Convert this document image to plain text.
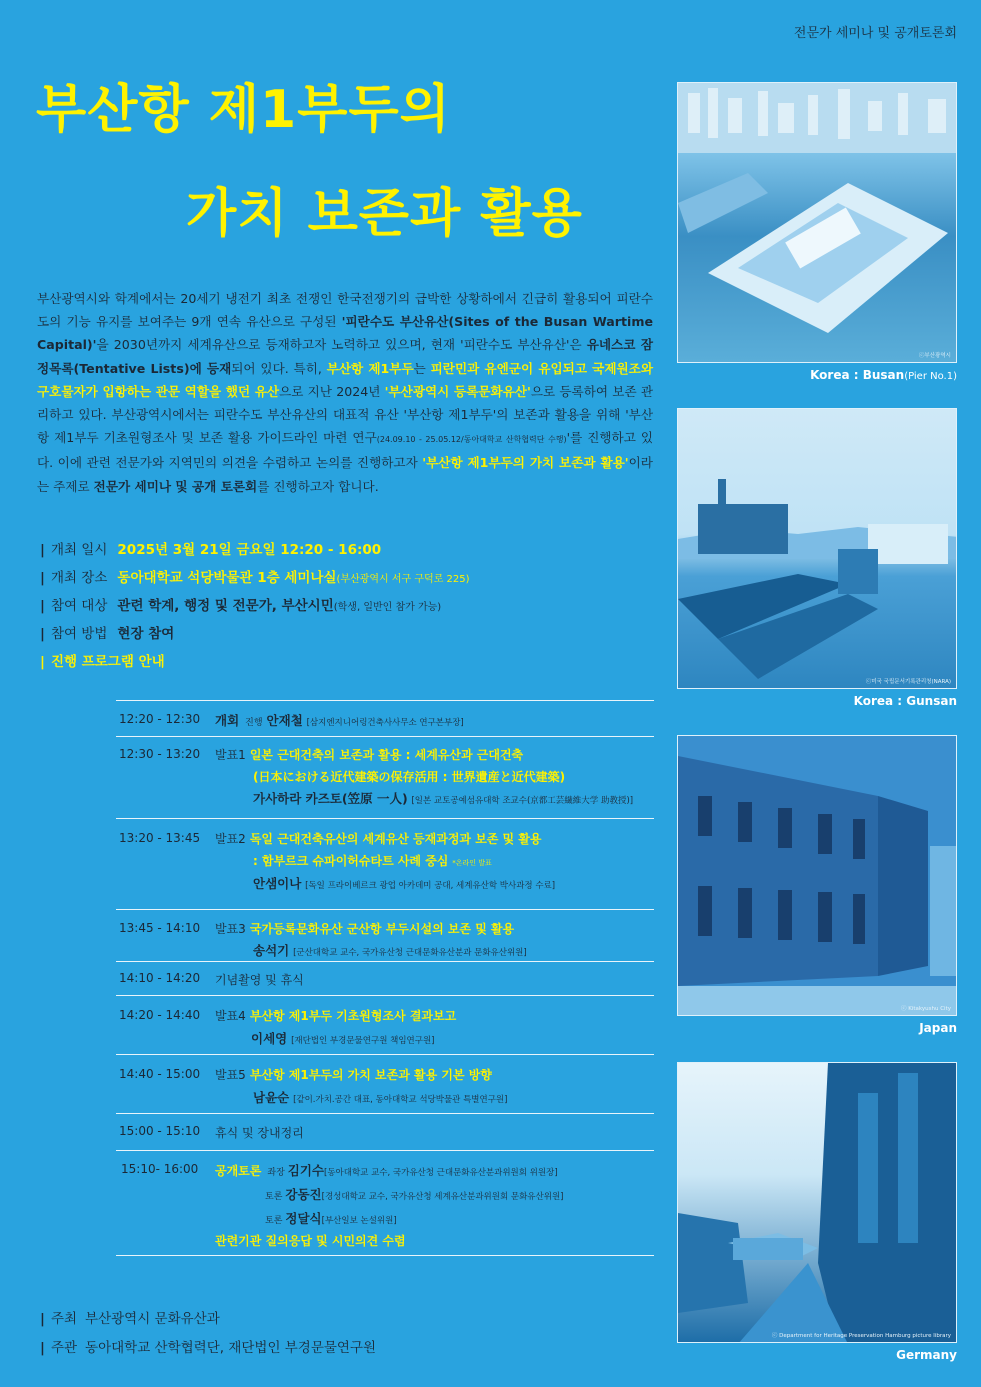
전문가 세미나 및 공개토론회
부산항 제1부두의
가치 보존과 활용
부산광역시와 학계에서는 20세기 냉전기 최초 전쟁인 한국전쟁기의 급박한 상황하에서 긴급히 활용되어 피란수도의 기능 유지를 보여주는 9개 연속 유산으로 구성된 '피란수도 부산유산(Sites of the Busan Wartime Capital)'을 2030년까지 세계유산으로 등재하고자 노력하고 있으며, 현재 '피란수도 부산유산'은 유네스코 잠정목록(Tentative Lists)에 등재되어 있다. 특히, 부산항 제1부두는 피란민과 유엔군이 유입되고 국제원조와 구호물자가 입항하는 관문 역할을 했던 유산으로 지난 2024년 '부산광역시 등록문화유산'으로 등록하여 보존 관리하고 있다. 부산광역시에서는 피란수도 부산유산의 대표적 유산 '부산항 제1부두'의 보존과 활용을 위해 '부산항 제1부두 기초원형조사 및 보존 활용 가이드라인 마련 연구(24.09.10 - 25.05.12/동아대학교 산학협력단 수행)'를 진행하고 있다. 이에 관련 전문가와 지역민의 의견을 수렴하고 논의를 진행하고자 '부산항 제1부두의 가치 보존과 활용'이라는 주제로 전문가 세미나 및 공개 토론회를 진행하고자 합니다.
| 개최 일시 2025년 3월 21일 금요일 12:20 - 16:00
| 개최 장소 동아대학교 석당박물관 1층 세미나실(부산광역시 서구 구덕로 225)
| 참여 대상 관련 학계, 행정 및 전문가, 부산시민(학생, 일반인 참가 가능)
| 참여 방법 현장 참여
| 진행 프로그램 안내
12:20 - 12:30 개회 진행 안재철 [삼지엔지니어링건축사사무소 연구본부장]
12:30 - 13:20 발표1 일본 근대건축의 보존과 활용 : 세계유산과 근대건축
(日本における近代建築の保存活用 : 世界遺産と近代建築)
가사하라 카즈토(笠原 一人) [일본 교토공예섬유대학 조교수(京都工芸繊維大学 助教授)]
13:20 - 13:45 발표2 독일 근대건축유산의 세계유산 등재과정과 보존 및 활용
: 함부르크 슈파이허슈타트 사례 중심 *온라인 발표
안샘이나 [독일 프라이베르크 광업 아카데미 공대, 세계유산학 박사과정 수료]
13:45 - 14:10 발표3 국가등록문화유산 군산항 부두시설의 보존 및 활용
송석기 [군산대학교 교수, 국가유산청 근대문화유산분과 문화유산위원]
14:10 - 14:20 기념촬영 및 휴식
14:20 - 14:40 발표4 부산항 제1부두 기초원형조사 결과보고
이세영 [재단법인 부경문물연구원 책임연구원]
14:40 - 15:00 발표5 부산항 제1부두의 가치 보존과 활용 기본 방향
남윤순 [같이.가치.공간 대표, 동아대학교 석당박물관 특별연구원]
15:00 - 15:10 휴식 및 장내정리
15:10- 16:00 공개토론 좌장 김기수[동아대학교 교수, 국가유산청 근대문화유산분과위원회 위원장]
토론 강동진[경성대학교 교수, 국가유산청 세계유산분과위원회 문화유산위원]
토론 정달식[부산일보 논설위원]
관련기관 질의응답 및 시민의견 수렴
ⓒ부산광역시
Korea : Busan(Pier No.1)
ⓒ미국 국립문서기록관리청(NARA)
Korea : Gunsan
ⓒ Kitakyushu City
Japan
ⓒ Department for Heritage Preservation Hamburg picture library
Germany
| 주최 부산광역시 문화유산과
| 주관 동아대학교 산학협력단, 재단법인 부경문물연구원
